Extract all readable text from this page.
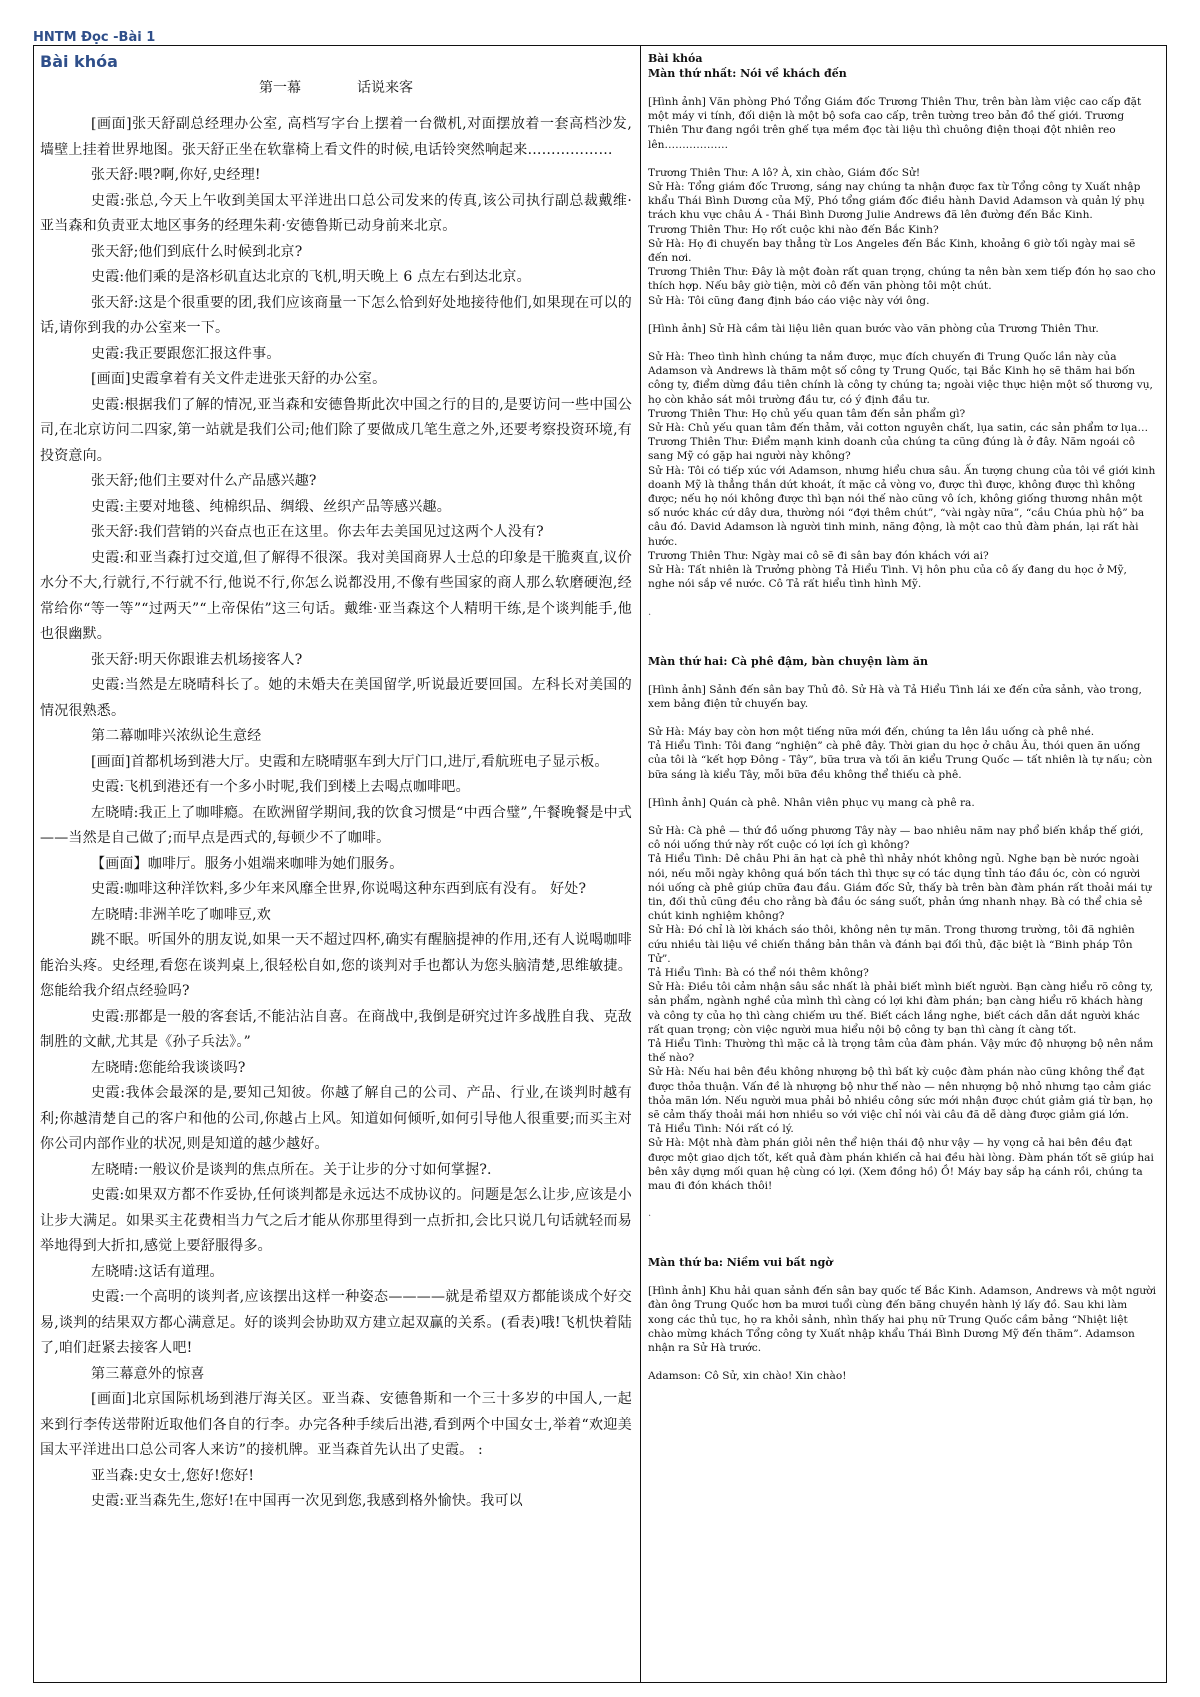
HNTM Đọc -Bài 1

Bài khóa

第一幕	话说来客

[画面]张天舒副总经理办公室, 高档写字台上摆着一台微机,对面摆放着一套高档沙发,墙壁上挂着世界地图。张天舒正坐在软靠椅上看文件的时候,电话铃突然响起来………………

张天舒:喂?啊,你好,史经理!

史霞:张总,今天上午收到美国太平洋进出口总公司发来的传真,该公司执行副总裁戴维· 亚当森和负责亚太地区事务的经理朱莉·安德鲁斯已动身前来北京。

张天舒;他们到底什么时候到北京?

史霞:他们乘的是洛杉矶直达北京的飞机,明天晚上 6 点左右到达北京。

张天舒:这是个很重要的团,我们应该商量一下怎么恰到好处地接待他们,如果现在可以的话,请你到我的办公室来一下。

史霞:我正要跟您汇报这件事。

[画面]史霞拿着有关文件走进张天舒的办公室。

史霞:根据我们了解的情况,亚当森和安德鲁斯此次中国之行的目的,是要访问一些中国公司,在北京访问二四家,第一站就是我们公司;他们除了要做成几笔生意之外,还要考察投资环境,有投资意向。

张天舒;他们主要对什么产品感兴趣?

史霞:主要对地毯、纯棉织品、绸缎、丝织产品等感兴趣。

张天舒:我们营销的兴奋点也正在这里。你去年去美国见过这两个人没有?

史霞:和亚当森打过交道,但了解得不很深。我对美国商界人士总的印象是干脆爽直,议价水分不大,行就行,不行就不行,他说不行,你怎么说都没用,不像有些国家的商人那么软磨硬泡,经常给你“等一等”“过两天”“上帝保佑”这三句话。戴维·亚当森这个人精明干练,是个谈判能手,他也很幽默。

张天舒:明天你跟谁去机场接客人?

史霞:当然是左晓晴科长了。她的未婚夫在美国留学,听说最近要回国。左科长对美国的情况很熟悉。

第二幕咖啡兴浓纵论生意经

[画面]首都机场到港大厅。史霞和左晓晴驱车到大厅门口,进厅,看航班电子显示板。

史霞:飞机到港还有一个多小时呢,我们到楼上去喝点咖啡吧。

左晓晴:我正上了咖啡瘾。在欧洲留学期间,我的饮食习惯是“中西合璧”,午餐晚餐是中式——当然是自己做了;而早点是西式的,每顿少不了咖啡。

【画面】咖啡厅。服务小姐端来咖啡为她们服务。

史霞:咖啡这种洋饮料,多少年来风靡全世界,你说喝这种东西到底有没有。 好处?

左晓晴:非洲羊吃了咖啡豆,欢

跳不眠。听国外的朋友说,如果一天不超过四杯,确实有醒脑提神的作用,还有人说喝咖啡能治头疼。史经理,看您在谈判桌上,很轻松自如,您的谈判对手也都认为您头脑清楚,思维敏捷。您能给我介绍点经验吗?

史霞:那都是一般的客套话,不能沾沾自喜。在商战中,我倒是研究过许多战胜自我、克敌制胜的文献,尤其是《孙子兵法》。”

左晓晴:您能给我谈谈吗?

史霞:我体会最深的是,要知己知彼。你越了解自己的公司、产品、行业,在谈判时越有利;你越清楚自己的客户和他的公司,你越占上风。知道如何倾听,如何引导他人很重要;而买主对你公司内部作业的状况,则是知道的越少越好。

左晓晴:一般议价是谈判的焦点所在。关于让步的分寸如何掌握?.

史霞:如果双方都不作妥协,任何谈判都是永远达不成协议的。问题是怎么让步,应该是小让步大满足。如果买主花费相当力气之后才能从你那里得到一点折扣,会比只说几句话就轻而易举地得到大折扣,感觉上要舒服得多。

左晓晴:这话有道理。

史霞:一个高明的谈判者,应该摆出这样一种姿态————就是希望双方都能谈成个好交易,谈判的结果双方都心满意足。好的谈判会协助双方建立起双赢的关系。(看表)哦!飞机快着陆了,咱们赶紧去接客人吧!

第三幕意外的惊喜

[画面]北京国际机场到港厅海关区。亚当森、安德鲁斯和一个三十多岁的中国人,一起来到行李传送带附近取他们各自的行李。办完各种手续后出港,看到两个中国女士,举着“欢迎美国太平洋进出口总公司客人来访”的接机牌。亚当森首先认出了史霞。 :

亚当森:史女士,您好!您好!

史霞:亚当森先生,您好!在中国再一次见到您,我感到格外愉快。我可以

Bài khóa

Màn thứ nhất: Nói về khách đến

[Hình ảnh] Văn phòng Phó Tổng Giám đốc Trương Thiên Thư, trên bàn làm việc cao cấp đặt một máy vi tính, đối diện là một bộ sofa cao cấp, trên tường treo bản đồ thế giới. Trương Thiên Thư đang ngồi trên ghế tựa mềm đọc tài liệu thì chuông điện thoại đột nhiên reo lên………………

Trương Thiên Thư: A lô? À, xin chào, Giám đốc Sử!

Sử Hà: Tổng giám đốc Trương, sáng nay chúng ta nhận được fax từ Tổng công ty Xuất nhập khẩu Thái Bình Dương của Mỹ, Phó tổng giám đốc điều hành David Adamson và quản lý phụ trách khu vực châu Á - Thái Bình Dương Julie Andrews đã lên đường đến Bắc Kinh.

Trương Thiên Thư: Họ rốt cuộc khi nào đến Bắc Kinh?

Sử Hà: Họ đi chuyến bay thẳng từ Los Angeles đến Bắc Kinh, khoảng 6 giờ tối ngày mai sẽ đến nơi.

Trương Thiên Thư: Đây là một đoàn rất quan trọng, chúng ta nên bàn xem tiếp đón họ sao cho thích hợp. Nếu bây giờ tiện, mời cô đến văn phòng tôi một chút.

Sử Hà: Tôi cũng đang định báo cáo việc này với ông.

[Hình ảnh] Sử Hà cầm tài liệu liên quan bước vào văn phòng của Trương Thiên Thư.

Sử Hà: Theo tình hình chúng ta nắm được, mục đích chuyến đi Trung Quốc lần này của Adamson và Andrews là thăm một số công ty Trung Quốc, tại Bắc Kinh họ sẽ thăm hai bốn công ty, điểm dừng đầu tiên chính là công ty chúng ta; ngoài việc thực hiện một số thương vụ, họ còn khảo sát môi trường đầu tư, có ý định đầu tư.

Trương Thiên Thư: Họ chủ yếu quan tâm đến sản phẩm gì?

Sử Hà: Chủ yếu quan tâm đến thảm, vải cotton nguyên chất, lụa satin, các sản phẩm tơ lụa…

Trương Thiên Thư: Điểm mạnh kinh doanh của chúng ta cũng đúng là ở đây. Năm ngoái cô sang Mỹ có gặp hai người này không?

Sử Hà: Tôi có tiếp xúc với Adamson, nhưng hiểu chưa sâu. Ấn tượng chung của tôi về giới kinh doanh Mỹ là thẳng thắn dứt khoát, ít mặc cả vòng vo, được thì được, không được thì không được; nếu họ nói không được thì bạn nói thế nào cũng vô ích, không giống thương nhân một số nước khác cứ dây dưa, thường nói “đợi thêm chút”, “vài ngày nữa”, “cầu Chúa phù hộ” ba câu đó. David Adamson là người tinh minh, năng động, là một cao thủ đàm phán, lại rất hài hước.

Trương Thiên Thư: Ngày mai cô sẽ đi sân bay đón khách với ai?

Sử Hà: Tất nhiên là Trưởng phòng Tả Hiểu Tình. Vị hôn phu của cô ấy đang du học ở Mỹ, nghe nói sắp về nước. Cô Tả rất hiểu tình hình Mỹ.

.

Màn thứ hai: Cà phê đậm, bàn chuyện làm ăn

[Hình ảnh] Sảnh đến sân bay Thủ đô. Sử Hà và Tả Hiểu Tình lái xe đến cửa sảnh, vào trong, xem bảng điện tử chuyến bay.

Sử Hà: Máy bay còn hơn một tiếng nữa mới đến, chúng ta lên lầu uống cà phê nhé.

Tả Hiểu Tình: Tôi đang “nghiện” cà phê đây. Thời gian du học ở châu Âu, thói quen ăn uống của tôi là “kết hợp Đông - Tây”, bữa trưa và tối ăn kiểu Trung Quốc — tất nhiên là tự nấu; còn bữa sáng là kiểu Tây, mỗi bữa đều không thể thiếu cà phê.

[Hình ảnh] Quán cà phê. Nhân viên phục vụ mang cà phê ra.

Sử Hà: Cà phê — thứ đồ uống phương Tây này — bao nhiêu năm nay phổ biến khắp thế giới, cô nói uống thứ này rốt cuộc có lợi ích gì không?

Tả Hiểu Tình: Dê châu Phi ăn hạt cà phê thì nhảy nhót không ngủ. Nghe bạn bè nước ngoài nói, nếu mỗi ngày không quá bốn tách thì thực sự có tác dụng tỉnh táo đầu óc, còn có người nói uống cà phê giúp chữa đau đầu. Giám đốc Sử, thấy bà trên bàn đàm phán rất thoải mái tự tin, đối thủ cũng đều cho rằng bà đầu óc sáng suốt, phản ứng nhanh nhạy. Bà có thể chia sẻ chút kinh nghiệm không?

Sử Hà: Đó chỉ là lời khách sáo thôi, không nên tự mãn. Trong thương trường, tôi đã nghiên cứu nhiều tài liệu về chiến thắng bản thân và đánh bại đối thủ, đặc biệt là “Binh pháp Tôn Tử”.

Tả Hiểu Tình: Bà có thể nói thêm không?

Sử Hà: Điều tôi cảm nhận sâu sắc nhất là phải biết mình biết người. Bạn càng hiểu rõ công ty, sản phẩm, ngành nghề của mình thì càng có lợi khi đàm phán; bạn càng hiểu rõ khách hàng và công ty của họ thì càng chiếm ưu thế. Biết cách lắng nghe, biết cách dẫn dắt người khác rất quan trọng; còn việc người mua hiểu nội bộ công ty bạn thì càng ít càng tốt.

Tả Hiểu Tình: Thường thì mặc cả là trọng tâm của đàm phán. Vậy mức độ nhượng bộ nên nắm thế nào?

Sử Hà: Nếu hai bên đều không nhượng bộ thì bất kỳ cuộc đàm phán nào cũng không thể đạt được thỏa thuận. Vấn đề là nhượng bộ như thế nào — nên nhượng bộ nhỏ nhưng tạo cảm giác thỏa mãn lớn. Nếu người mua phải bỏ nhiều công sức mới nhận được chút giảm giá từ bạn, họ sẽ cảm thấy thoải mái hơn nhiều so với việc chỉ nói vài câu đã dễ dàng được giảm giá lớn.

Tả Hiểu Tình: Nói rất có lý.

Sử Hà: Một nhà đàm phán giỏi nên thể hiện thái độ như vậy — hy vọng cả hai bên đều đạt được một giao dịch tốt, kết quả đàm phán khiến cả hai đều hài lòng. Đàm phán tốt sẽ giúp hai bên xây dựng mối quan hệ cùng có lợi. (Xem đồng hồ) Ồ! Máy bay sắp hạ cánh rồi, chúng ta mau đi đón khách thôi!

.

Màn thứ ba: Niềm vui bất ngờ

[Hình ảnh] Khu hải quan sảnh đến sân bay quốc tế Bắc Kinh. Adamson, Andrews và một người đàn ông Trung Quốc hơn ba mươi tuổi cùng đến băng chuyền hành lý lấy đồ. Sau khi làm xong các thủ tục, họ ra khỏi sảnh, nhìn thấy hai phụ nữ Trung Quốc cầm bảng “Nhiệt liệt chào mừng khách Tổng công ty Xuất nhập khẩu Thái Bình Dương Mỹ đến thăm”. Adamson nhận ra Sử Hà trước.

Adamson: Cô Sử, xin chào! Xin chào!
